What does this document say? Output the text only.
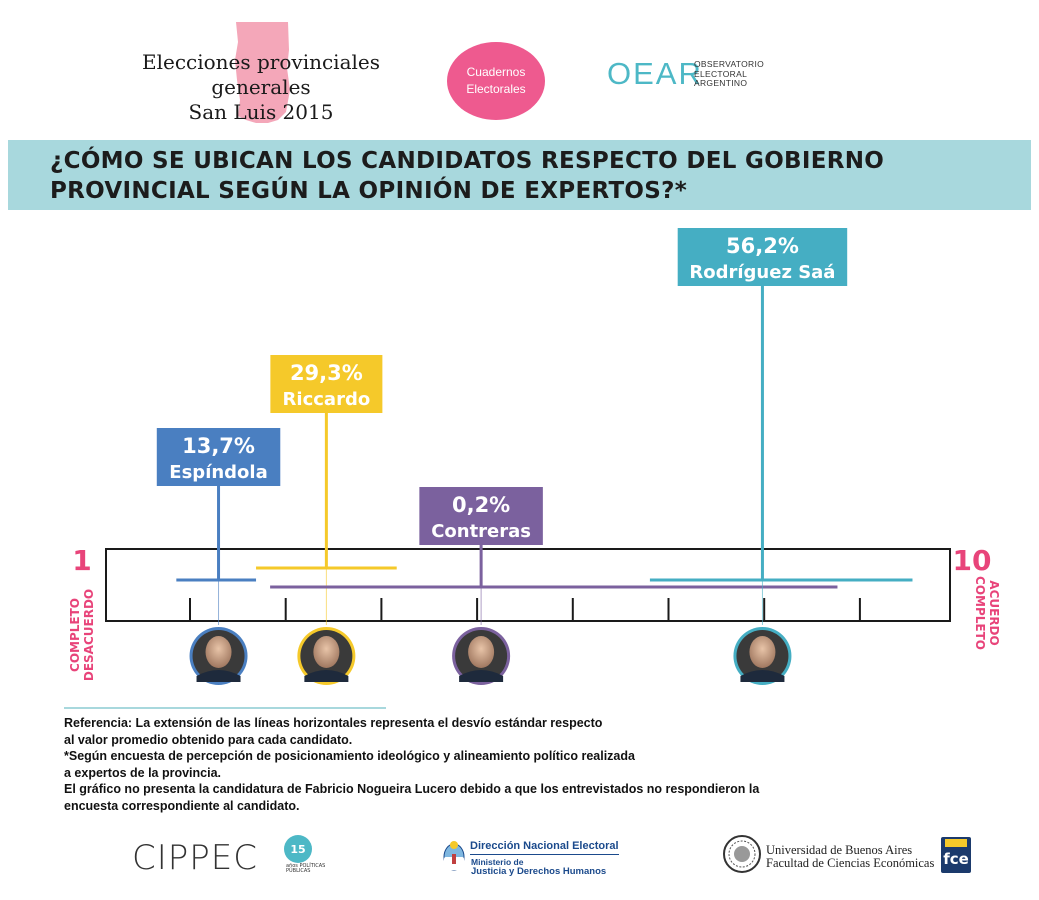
Elecciones provinciales generales
San Luis 2015
Cuadernos
Electorales	OEAR
OBSERVATORIO
ELECTORAL
ARGENTINO
¿CÓMO SE UBICAN LOS CANDIDATOS RESPECTO DEL GOBIERNO
PROVINCIAL SEGÚN LA OPINIÓN DE EXPERTOS?*
1	10
COMPLETO DESACUERDO	COMPLETO ACUERDO
13,7%
Espíndola
29,3%
Riccardo
0,2%
Contreras
56,2%
Rodríguez Saá
Referencia: La extensión de las líneas horizontales representa el desvío estándar respecto
al valor promedio obtenido para cada candidato.
*Según encuesta de percepción de posicionamiento ideológico y alineamiento político realizada
a expertos de la provincia.
El gráfico no presenta la candidatura de Fabricio Nogueira Lucero debido a que los entrevistados no respondieron la
encuesta correspondiente al candidato.
CIPPEC	15
años POLÍTICAS PÚBLICAS
Dirección Nacional Electoral
Ministerio de
Justicia y Derechos Humanos
Universidad de Buenos Aires
Facultad de Ciencias Económicas fce
